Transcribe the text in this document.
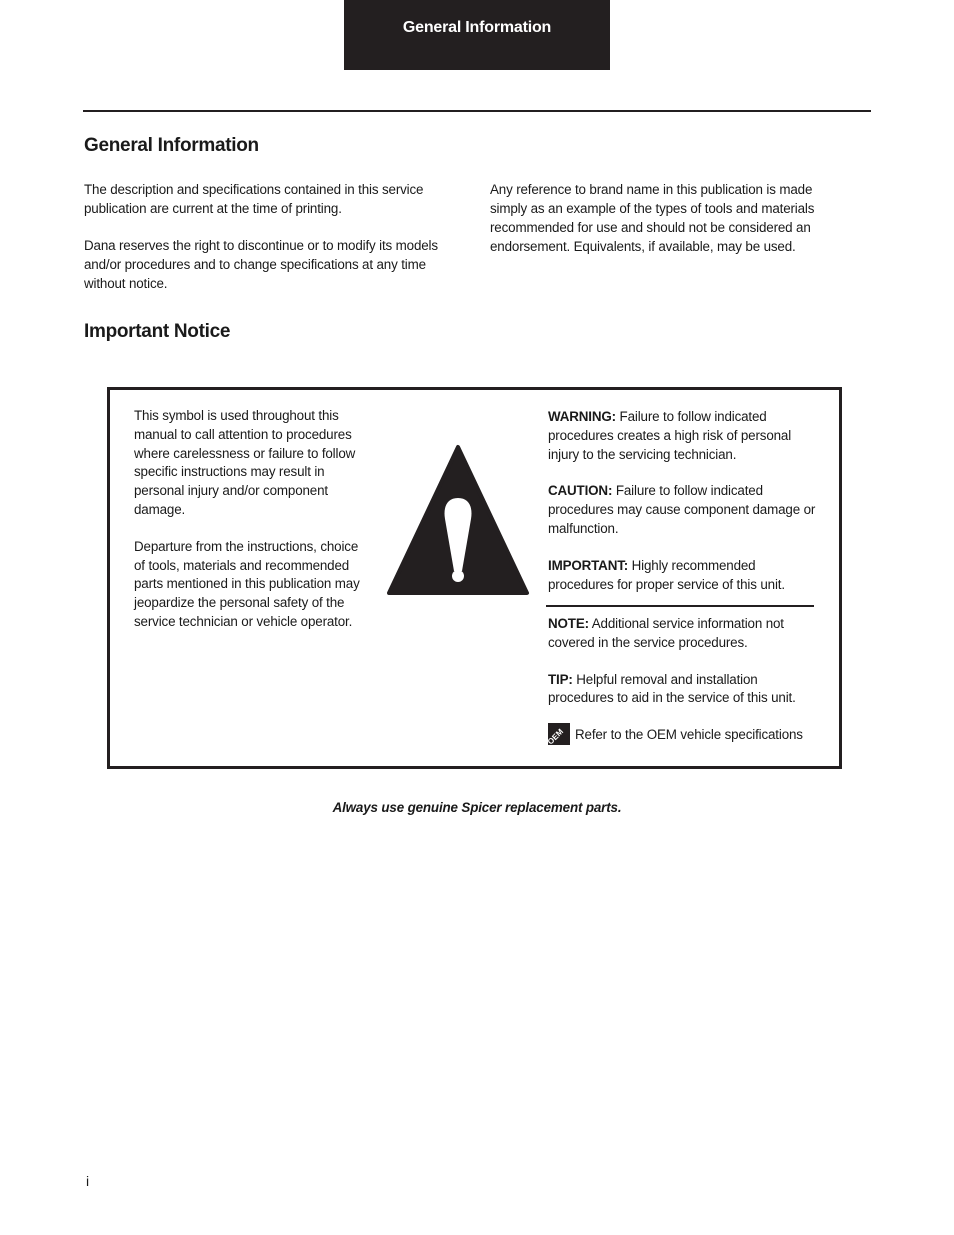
General Information
General Information

The description and specifications contained in this service publication are current at the time of printing.

Dana reserves the right to discontinue or to modify its models and/or procedures and to change specifications at any time without notice.

Any reference to brand name in this publication is made simply as an example of the types of tools and materials recommended for use and should not be considered an endorsement. Equivalents, if available, may be used.

Important Notice

This symbol is used throughout this manual to call attention to procedures where carelessness or failure to follow specific instructions may result in personal injury and/or component damage.

Departure from the instructions, choice of tools, materials and recommended parts mentioned in this publication may jeopardize the personal safety of the service technician or vehicle operator.

WARNING: Failure to follow indicated procedures creates a high risk of personal injury to the servicing technician.

CAUTION: Failure to follow indicated procedures may cause component damage or malfunction.

IMPORTANT: Highly recommended procedures for proper service of this unit.

NOTE: Additional service information not covered in the service procedures.

TIP: Helpful removal and installation procedures to aid in the service of this unit.

OEM Refer to the OEM vehicle specifications
Always use genuine Spicer replacement parts.
i
